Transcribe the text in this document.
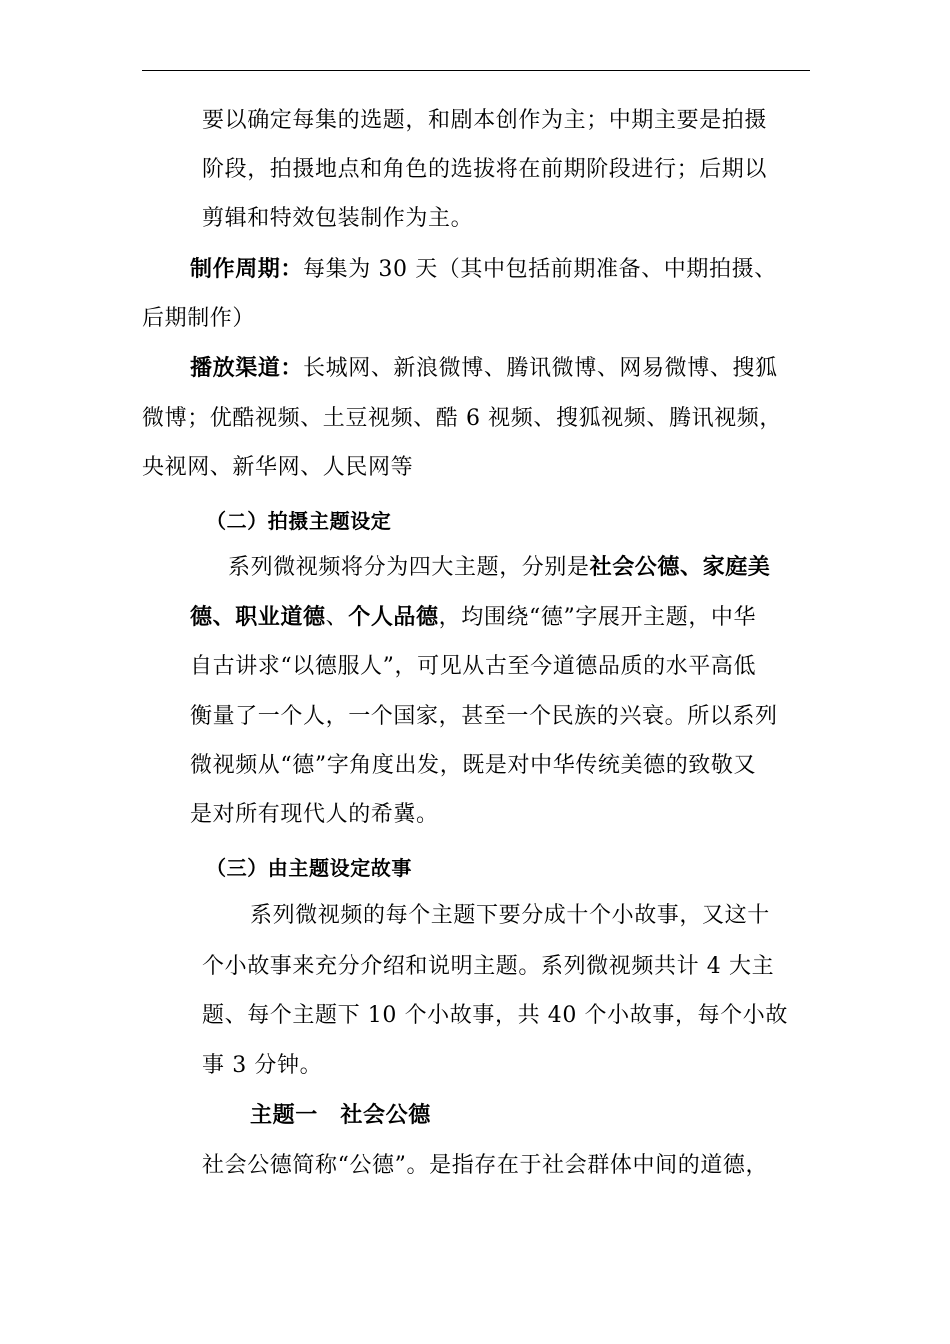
要以确定每集的选题，和剧本创作为主；中期主要是拍摄
阶段，拍摄地点和角色的选拔将在前期阶段进行；后期以
剪辑和特效包装制作为主。
制作周期：每集为 30 天（其中包括前期准备、中期拍摄、
后期制作）
播放渠道：长城网、新浪微博、腾讯微博、网易微博、搜狐
微博；优酷视频、土豆视频、酷 6 视频、搜狐视频、腾讯视频，
央视网、新华网、人民网等
（二）拍摄主题设定
系列微视频将分为四大主题，分别是社会公德、家庭美
德、职业道德、个人品德，均围绕“德”字展开主题，中华
自古讲求“以德服人”，可见从古至今道德品质的水平高低
衡量了一个人，一个国家，甚至一个民族的兴衰。所以系列
微视频从“德”字角度出发，既是对中华传统美德的致敬又
是对所有现代人的希冀。
（三）由主题设定故事
系列微视频的每个主题下要分成十个小故事，又这十
个小故事来充分介绍和说明主题。系列微视频共计 4 大主
题、每个主题下 10 个小故事，共 40 个小故事，每个小故
事 3 分钟。
主题一　社会公德
社会公德简称“公德”。是指存在于社会群体中间的道德，
